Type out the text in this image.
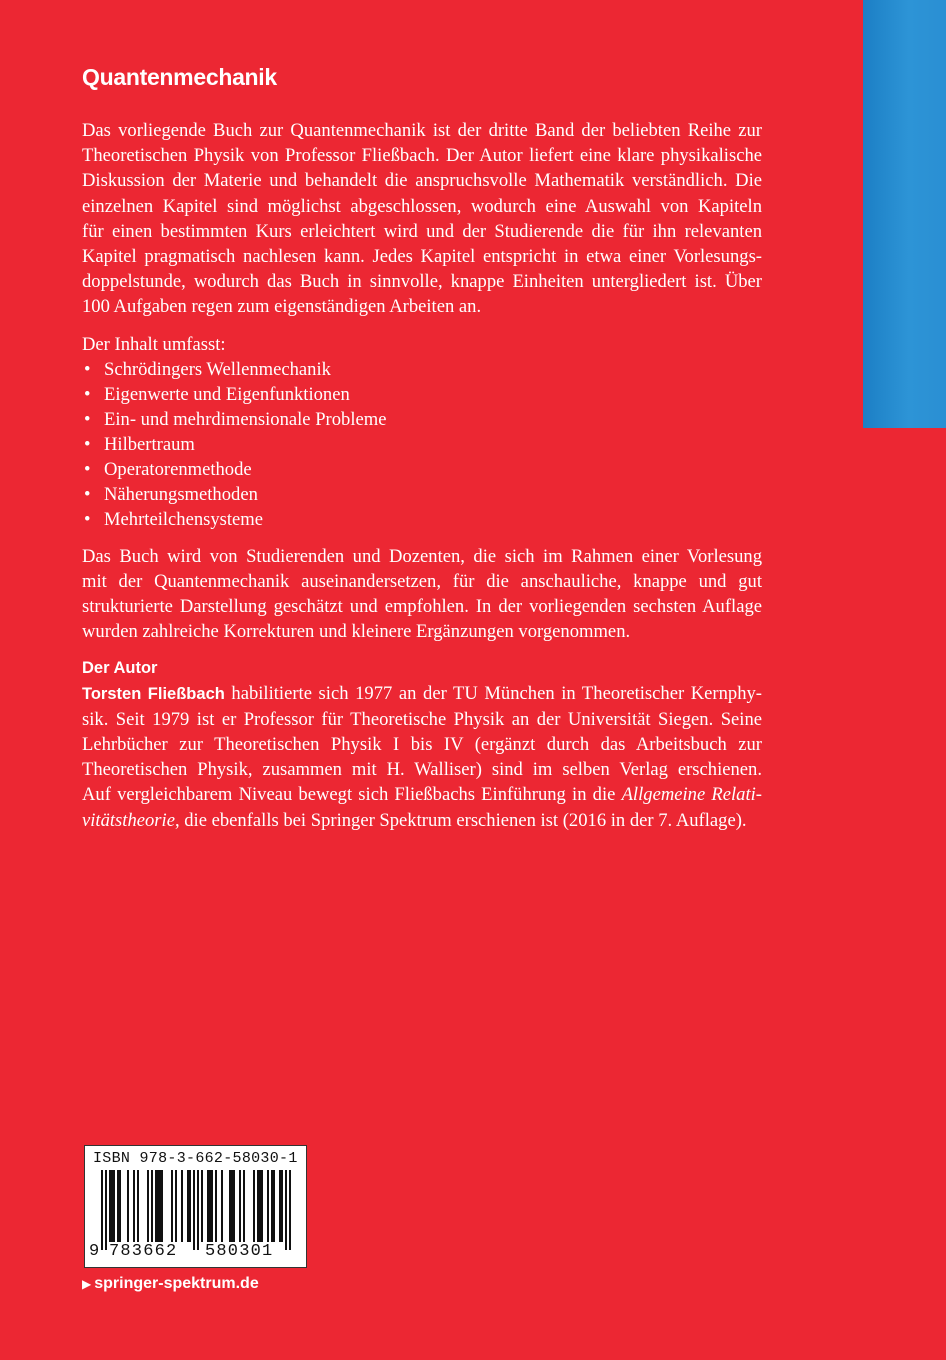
Quantenmechanik

Das vorliegende Buch zur Quantenmechanik ist der dritte Band der beliebten Reihe zur
Theoretischen Physik von Professor Fließbach. Der Autor liefert eine klare physikalische
Diskussion der Materie und behandelt die anspruchsvolle Mathematik verständlich. Die
einzelnen Kapitel sind möglichst abgeschlossen, wodurch eine Auswahl von Kapiteln
für einen bestimmten Kurs erleichtert wird und der Studierende die für ihn relevanten
Kapitel pragmatisch nachlesen kann. Jedes Kapitel entspricht in etwa einer Vorlesungs-
doppelstunde, wodurch das Buch in sinnvolle, knappe Einheiten untergliedert ist. Über
100 Aufgaben regen zum eigenständigen Arbeiten an.

Der Inhalt umfasst:

• Schrödingers Wellenmechanik
• Eigenwerte und Eigenfunktionen
• Ein- und mehrdimensionale Probleme
• Hilbertraum
• Operatorenmethode
• Näherungsmethoden
• Mehrteilchensysteme

Das Buch wird von Studierenden und Dozenten, die sich im Rahmen einer Vorlesung
mit der Quantenmechanik auseinandersetzen, für die anschauliche, knappe und gut
strukturierte Darstellung geschätzt und empfohlen. In der vorliegenden sechsten Auflage
wurden zahlreiche Korrekturen und kleinere Ergänzungen vorgenommen.

Der Autor

Torsten Fließbach habilitierte sich 1977 an der TU München in Theoretischer Kernphy-
sik. Seit 1979 ist er Professor für Theoretische Physik an der Universität Siegen. Seine
Lehrbücher zur Theoretischen Physik I bis IV (ergänzt durch das Arbeitsbuch zur
Theoretischen Physik, zusammen mit H. Walliser) sind im selben Verlag erschienen.
Auf vergleichbarem Niveau bewegt sich Fließbachs Einführung in die Allgemeine Relati-
vitätstheorie, die ebenfalls bei Springer Spektrum erschienen ist (2016 in der 7. Auflage).

ISBN 978-3-662-58030-1
9 783662 580301
▶ springer-spektrum.de
